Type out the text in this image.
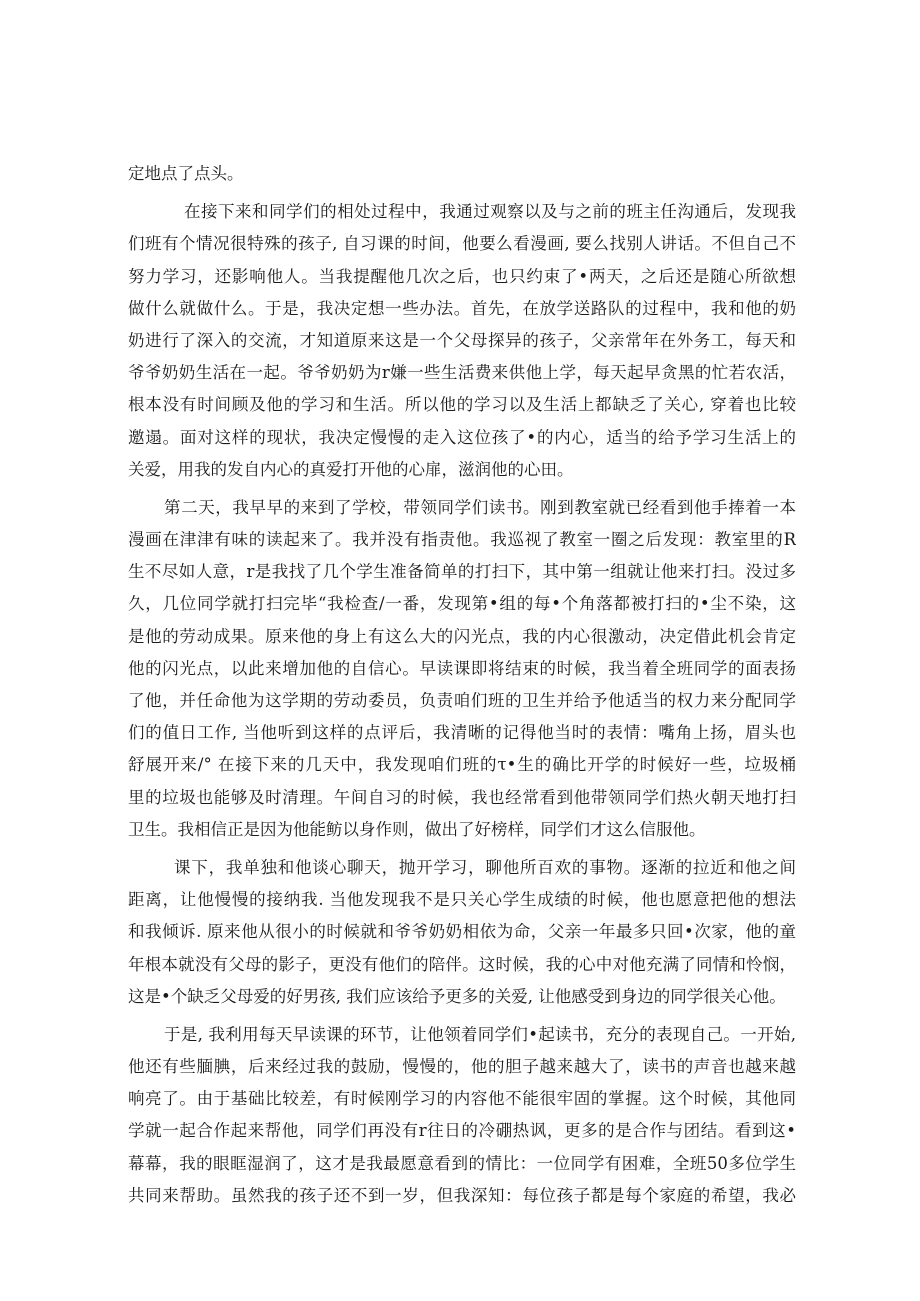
定地点了点头。
在接下来和同学们的相处过程中，我通过观察以及与之前的班主任沟通后，发现我
们班有个情况很特殊的孩子, 自习课的时间，他要么看漫画, 要么找别人讲话。不但自己不
努力学习，还影响他人。当我提醒他几次之后，也只约束了•两天，之后还是随心所欲想
做什么就做什么。于是，我决定想一些办法。首先，在放学送路队的过程中，我和他的奶
奶进行了深入的交流，才知道原来这是一个父母探异的孩子，父亲常年在外务工，每天和
爷爷奶奶生活在一起。爷爷奶奶为r嫌一些生活费来供他上学，每天起早贪黑的忙若农活，
根本没有时间顾及他的学习和生活。所以他的学习以及生活上都缺乏了关心, 穿着也比较
邀遢。面对这样的现状，我决定慢慢的走入这位孩了•的内心，适当的给予学习生活上的
关爱，用我的发自内心的真爱打开他的心扉，滋润他的心田。
第二天，我早早的来到了学校，带领同学们读书。刚到教室就已经看到他手捧着一本
漫画在津津有味的读起来了。我并没有指责他。我巡视了教室一圈之后发现：教室里的R
生不尽如人意，r是我找了几个学生准备简单的打扫下，其中第一组就让他来打扫。没过多
久，几位同学就打扫完毕“我检查/一番，发现第•组的每•个角落都被打扫的•尘不染，这
是他的劳动成果。原来他的身上有这么大的闪光点，我的内心很激动，决定借此机会肯定
他的闪光点，以此来增加他的自信心。早读课即将结束的时候，我当着全班同学的面表扬
了他，并任命他为这学期的劳动委员，负责咱们班的卫生并给予他适当的权力来分配同学
们的值日工作, 当他听到这样的点评后，我清晰的记得他当时的表情：嘴角上扬，眉头也
舒展开来/° 在接下来的几天中，我发现咱们班的τ•生的确比开学的时候好一些，垃圾桶
里的垃圾也能够及时清理。午间自习的时候，我也经常看到他带领同学们热火朝天地打扫
卫生。我相信正是因为他能鲂以身作则，做出了好榜样，同学们才这么信服他。
课下，我单独和他谈心聊天，抛开学习，聊他所百欢的事物。逐渐的拉近和他之间
距离，让他慢慢的接纳我. 当他发现我不是只关心学生成绩的时候，他也愿意把他的想法
和我倾诉. 原来他从很小的时候就和爷爷奶奶相依为命，父亲一年最多只回•次家，他的童
年根本就没有父母的影子，更没有他们的陪伴。这时候，我的心中对他充满了同情和怜悯，
这是•个缺乏父母爱的好男孩, 我们应该给予更多的关爱, 让他感受到身边的同学很关心他。
于是, 我利用每天早读课的环节，让他领着同学们•起读书，充分的表现自己。一开始,
他还有些腼腆，后来经过我的鼓励，慢慢的，他的胆子越来越大了，读书的声音也越来越
响亮了。由于基础比较差，有时候刚学习的内容他不能很牢固的掌握。这个时候，其他同
学就一起合作起来帮他，同学们再没有r往日的冷硼热讽，更多的是合作与团结。看到这•
幕幕，我的眼眶湿润了，这才是我最愿意看到的情比：一位同学有困难，全班50多位学生
共同来帮助。虽然我的孩子还不到一岁，但我深知：每位孩子都是每个家庭的希望，我必
